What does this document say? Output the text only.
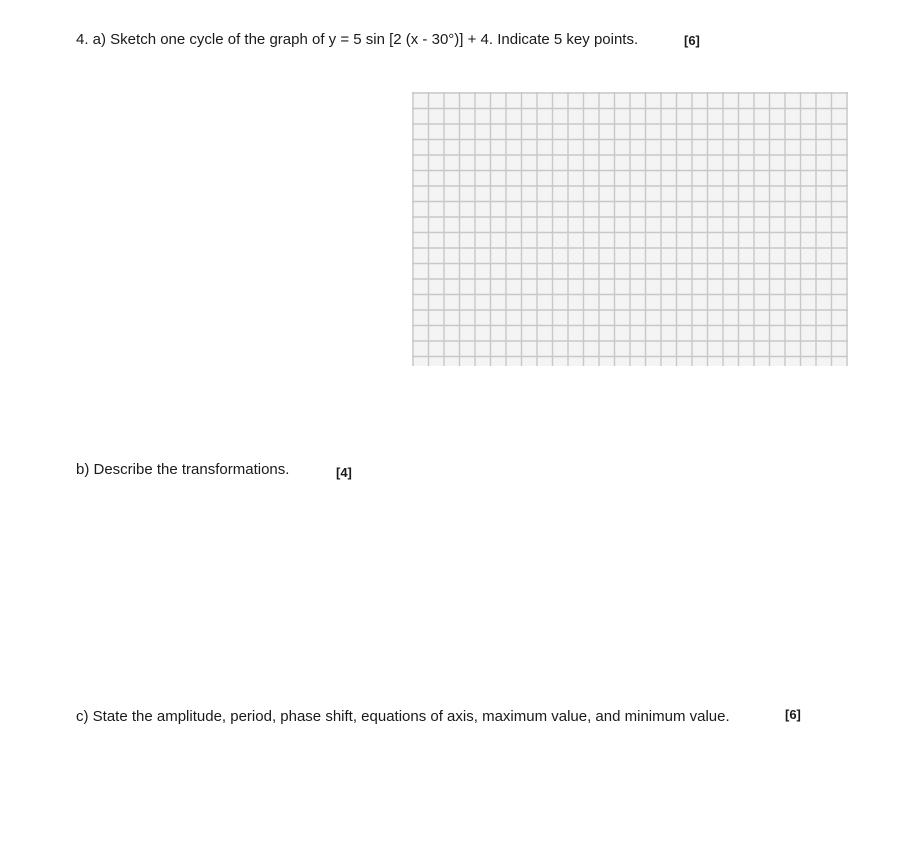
4. a) Sketch one cycle of the graph of y = 5 sin [2 (x - 30°)] + 4. Indicate 5 key points.	[6]
b) Describe the transformations.	[4]
c) State the amplitude, period, phase shift, equations of axis, maximum value, and minimum value.	[6]
